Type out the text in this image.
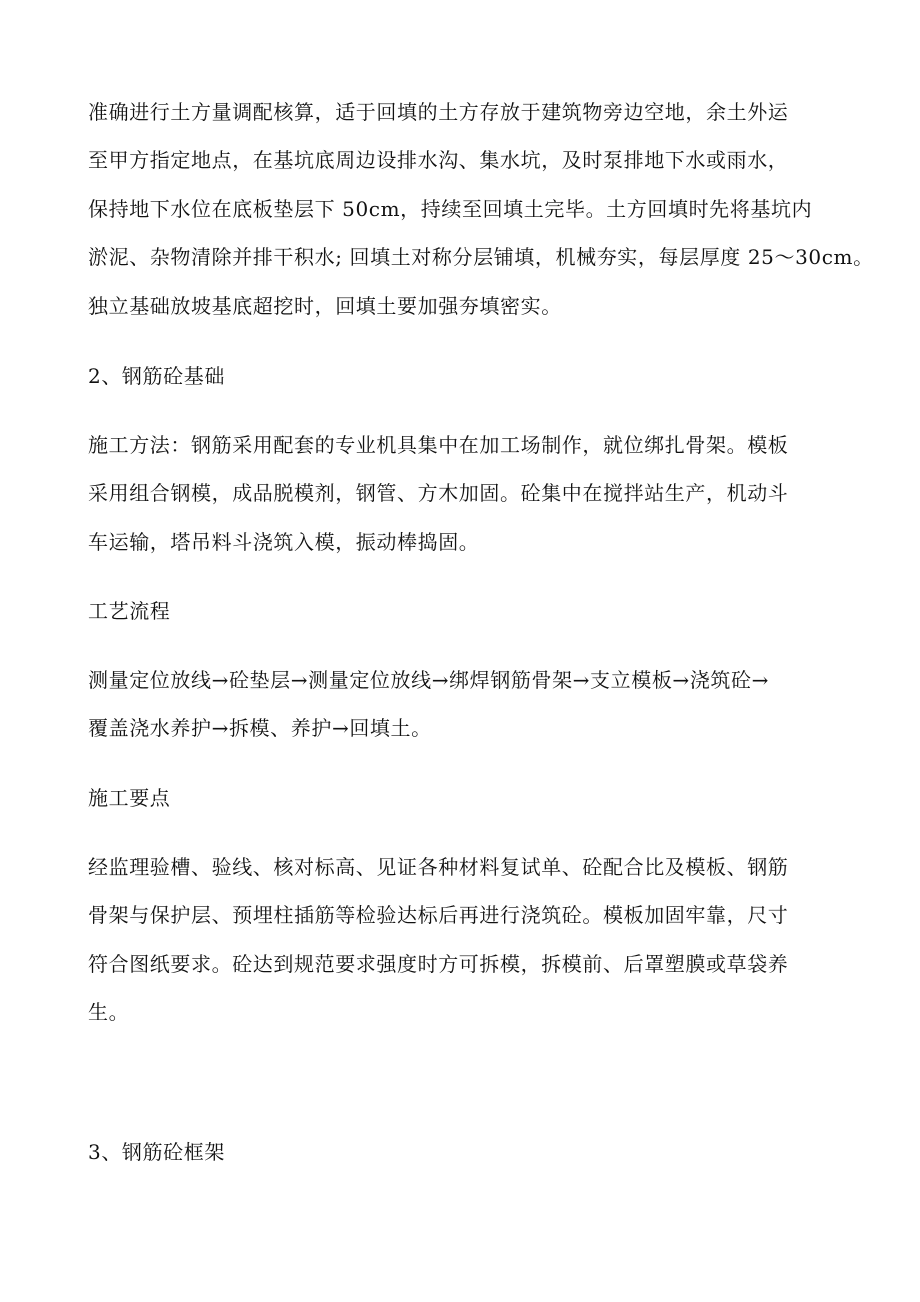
准确进行土方量调配核算，适于回填的土方存放于建筑物旁边空地，余土外运
至甲方指定地点，在基坑底周边设排水沟、集水坑，及时泵排地下水或雨水，
保持地下水位在底板垫层下 50cm，持续至回填土完毕。土方回填时先将基坑内
淤泥、杂物清除并排干积水; 回填土对称分层铺填，机械夯实，每层厚度 25～30cm。
独立基础放坡基底超挖时，回填土要加强夯填密实。
2、钢筋砼基础
施工方法：钢筋采用配套的专业机具集中在加工场制作，就位绑扎骨架。模板
采用组合钢模，成品脱模剂，钢管、方木加固。砼集中在搅拌站生产，机动斗
车运输，塔吊料斗浇筑入模，振动棒捣固。
工艺流程
测量定位放线→砼垫层→测量定位放线→绑焊钢筋骨架→支立模板→浇筑砼→
覆盖浇水养护→拆模、养护→回填土。
施工要点
经监理验槽、验线、核对标高、见证各种材料复试单、砼配合比及模板、钢筋
骨架与保护层、预埋柱插筋等检验达标后再进行浇筑砼。模板加固牢靠，尺寸
符合图纸要求。砼达到规范要求强度时方可拆模，拆模前、后罩塑膜或草袋养
生。
3、钢筋砼框架
